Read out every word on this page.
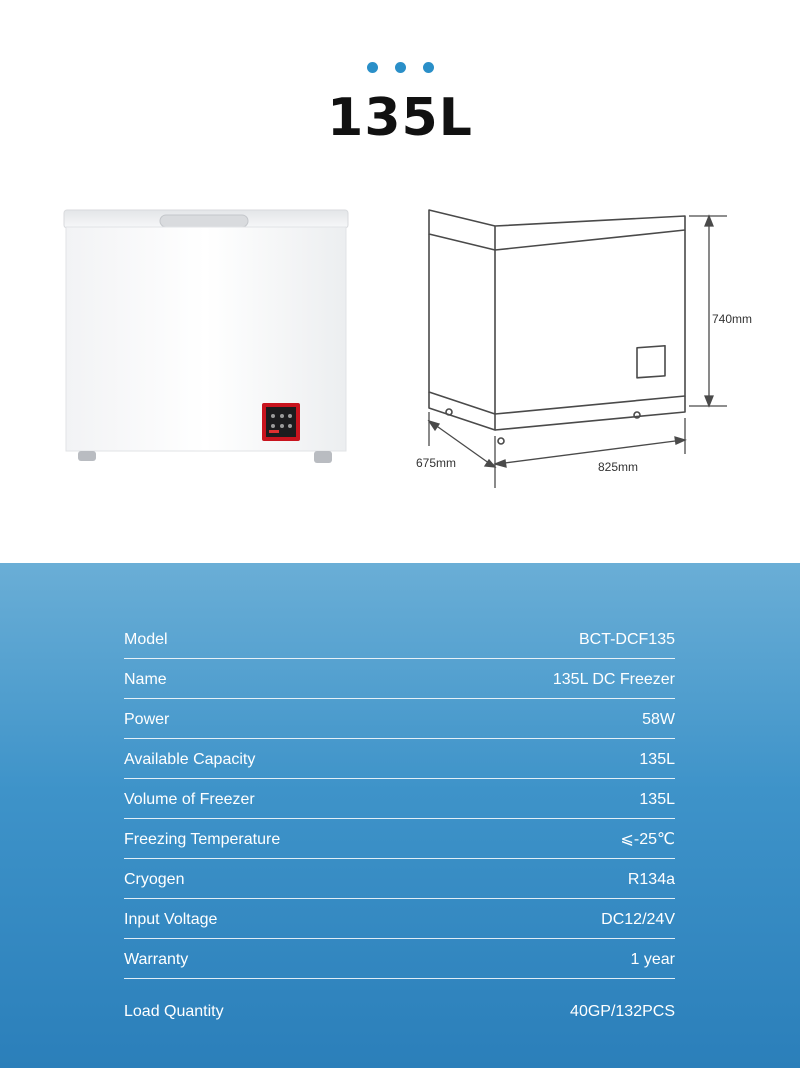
135L
740mm
675mm	825mm
Model	BCT-DCF135
Name	135L DC Freezer
Power	58W
Available Capacity	135L
Volume of Freezer	135L
Freezing Temperature	⩽-25℃
Cryogen	R134a
Input Voltage	DC12/24V
Warranty	1 year
Load Quantity	40GP/132PCS
